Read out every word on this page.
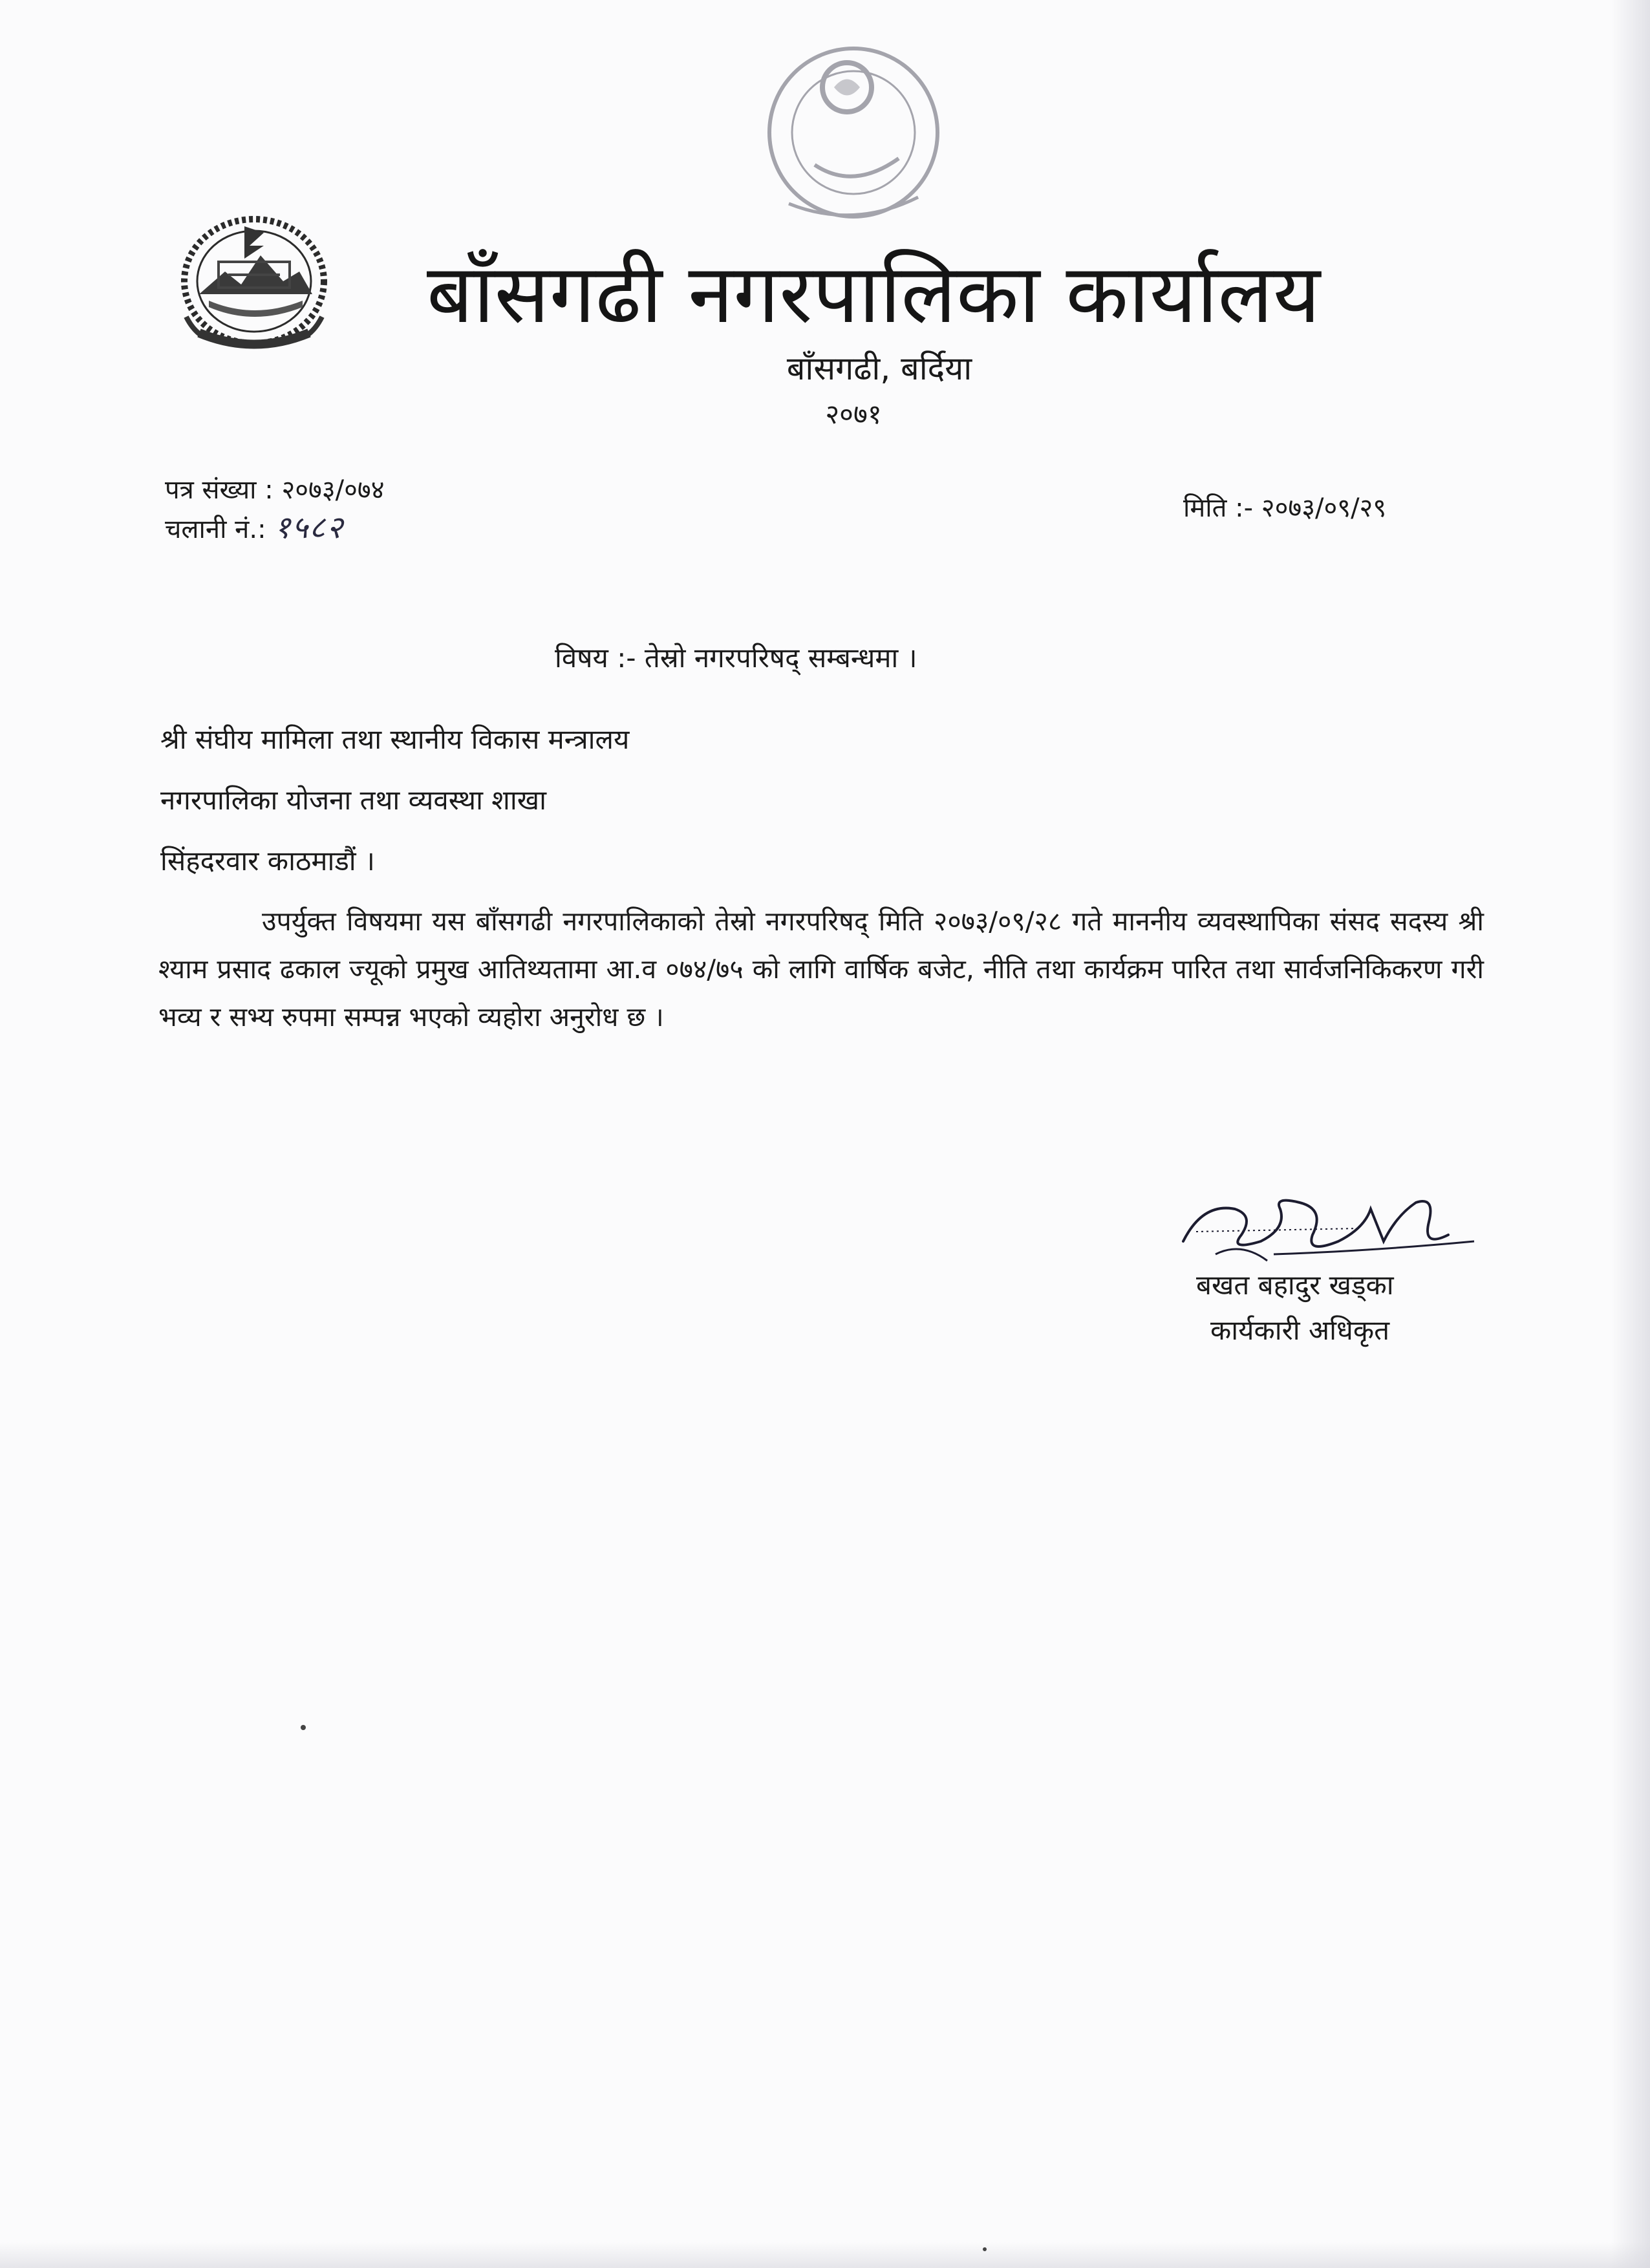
बाँसगढी नगरपालिका कार्यालय
बाँसगढी, बर्दिया
२०७१
पत्र संख्या : २०७३/०७४
चलानी नं.: १५८२
मिति :- २०७३/०९/२९
विषय :- तेस्रो नगरपरिषद् सम्बन्धमा ।
श्री संघीय मामिला तथा स्थानीय विकास मन्त्रालय
नगरपालिका योजना तथा व्यवस्था शाखा
सिंहदरवार काठमाडौं ।
उपर्युक्त विषयमा यस बाँसगढी नगरपालिकाको तेस्रो नगरपरिषद् मिति २०७३/०९/२८ गते माननीय व्यवस्थापिका संसद सदस्य श्री श्याम प्रसाद ढकाल ज्यूको प्रमुख आतिथ्यतामा आ.व ०७४/७५ को लागि वार्षिक बजेट, नीति तथा कार्यक्रम पारित तथा सार्वजनिकिकरण गरी भव्य र सभ्य रुपमा सम्पन्न भएको व्यहोरा अनुरोध छ ।
बखत बहादुर खड्का
कार्यकारी अधिकृत
